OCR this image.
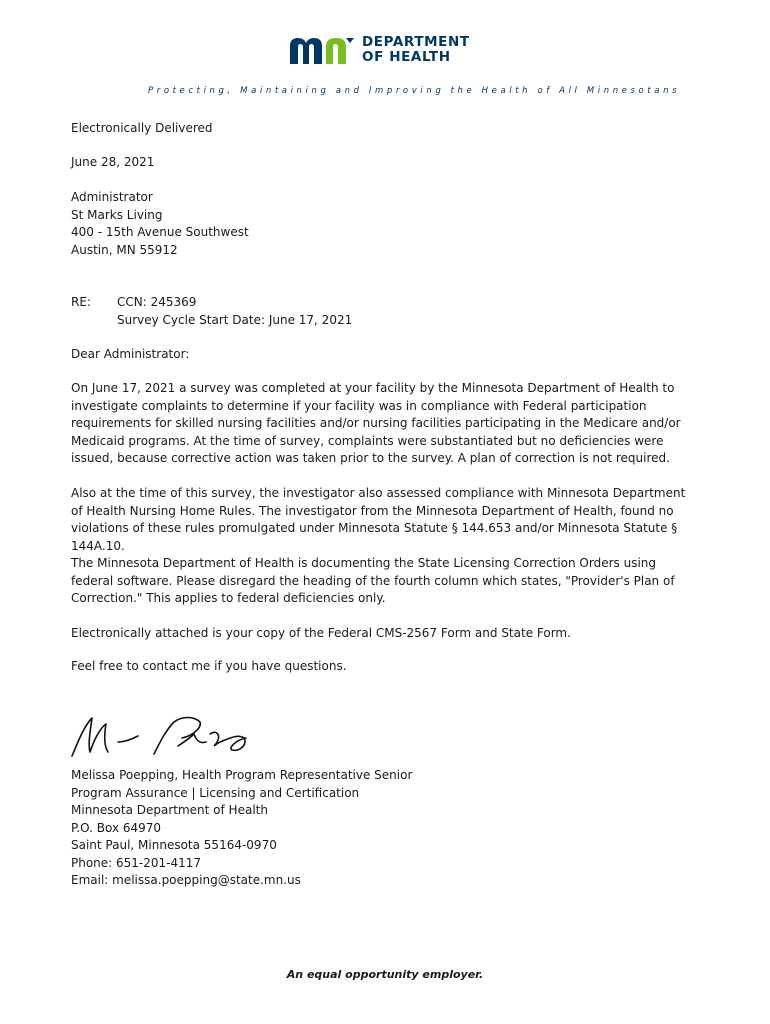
DEPARTMENT
OF HEALTH
Protecting, Maintaining and Improving the Health of All Minnesotans
Electronically Delivered
June 28, 2021
Administrator
St Marks Living
400 - 15th Avenue Southwest
Austin, MN 55912
RE: CCN: 245369
Survey Cycle Start Date: June 17, 2021
Dear Administrator:
On June 17, 2021 a survey was completed at your facility by the Minnesota Department of Health to investigate complaints to determine if your facility was in compliance with Federal participation requirements for skilled nursing facilities and/or nursing facilities participating in the Medicare and/or Medicaid programs. At the time of survey, complaints were substantiated but no deficiencies were issued, because corrective action was taken prior to the survey. A plan of correction is not required.
Also at the time of this survey, the investigator also assessed compliance with Minnesota Department of Health Nursing Home Rules. The investigator from the Minnesota Department of Health, found no violations of these rules promulgated under Minnesota Statute § 144.653 and/or Minnesota Statute § 144A.10.
The Minnesota Department of Health is documenting the State Licensing Correction Orders using federal software. Please disregard the heading of the fourth column which states, "Provider's Plan of Correction." This applies to federal deficiencies only.
Electronically attached is your copy of the Federal CMS-2567 Form and State Form.
Feel free to contact me if you have questions.
Melissa Poepping, Health Program Representative Senior
Program Assurance | Licensing and Certification
Minnesota Department of Health
P.O. Box 64970
Saint Paul, Minnesota 55164-0970
Phone: 651-201-4117
Email: melissa.poepping@state.mn.us
An equal opportunity employer.
